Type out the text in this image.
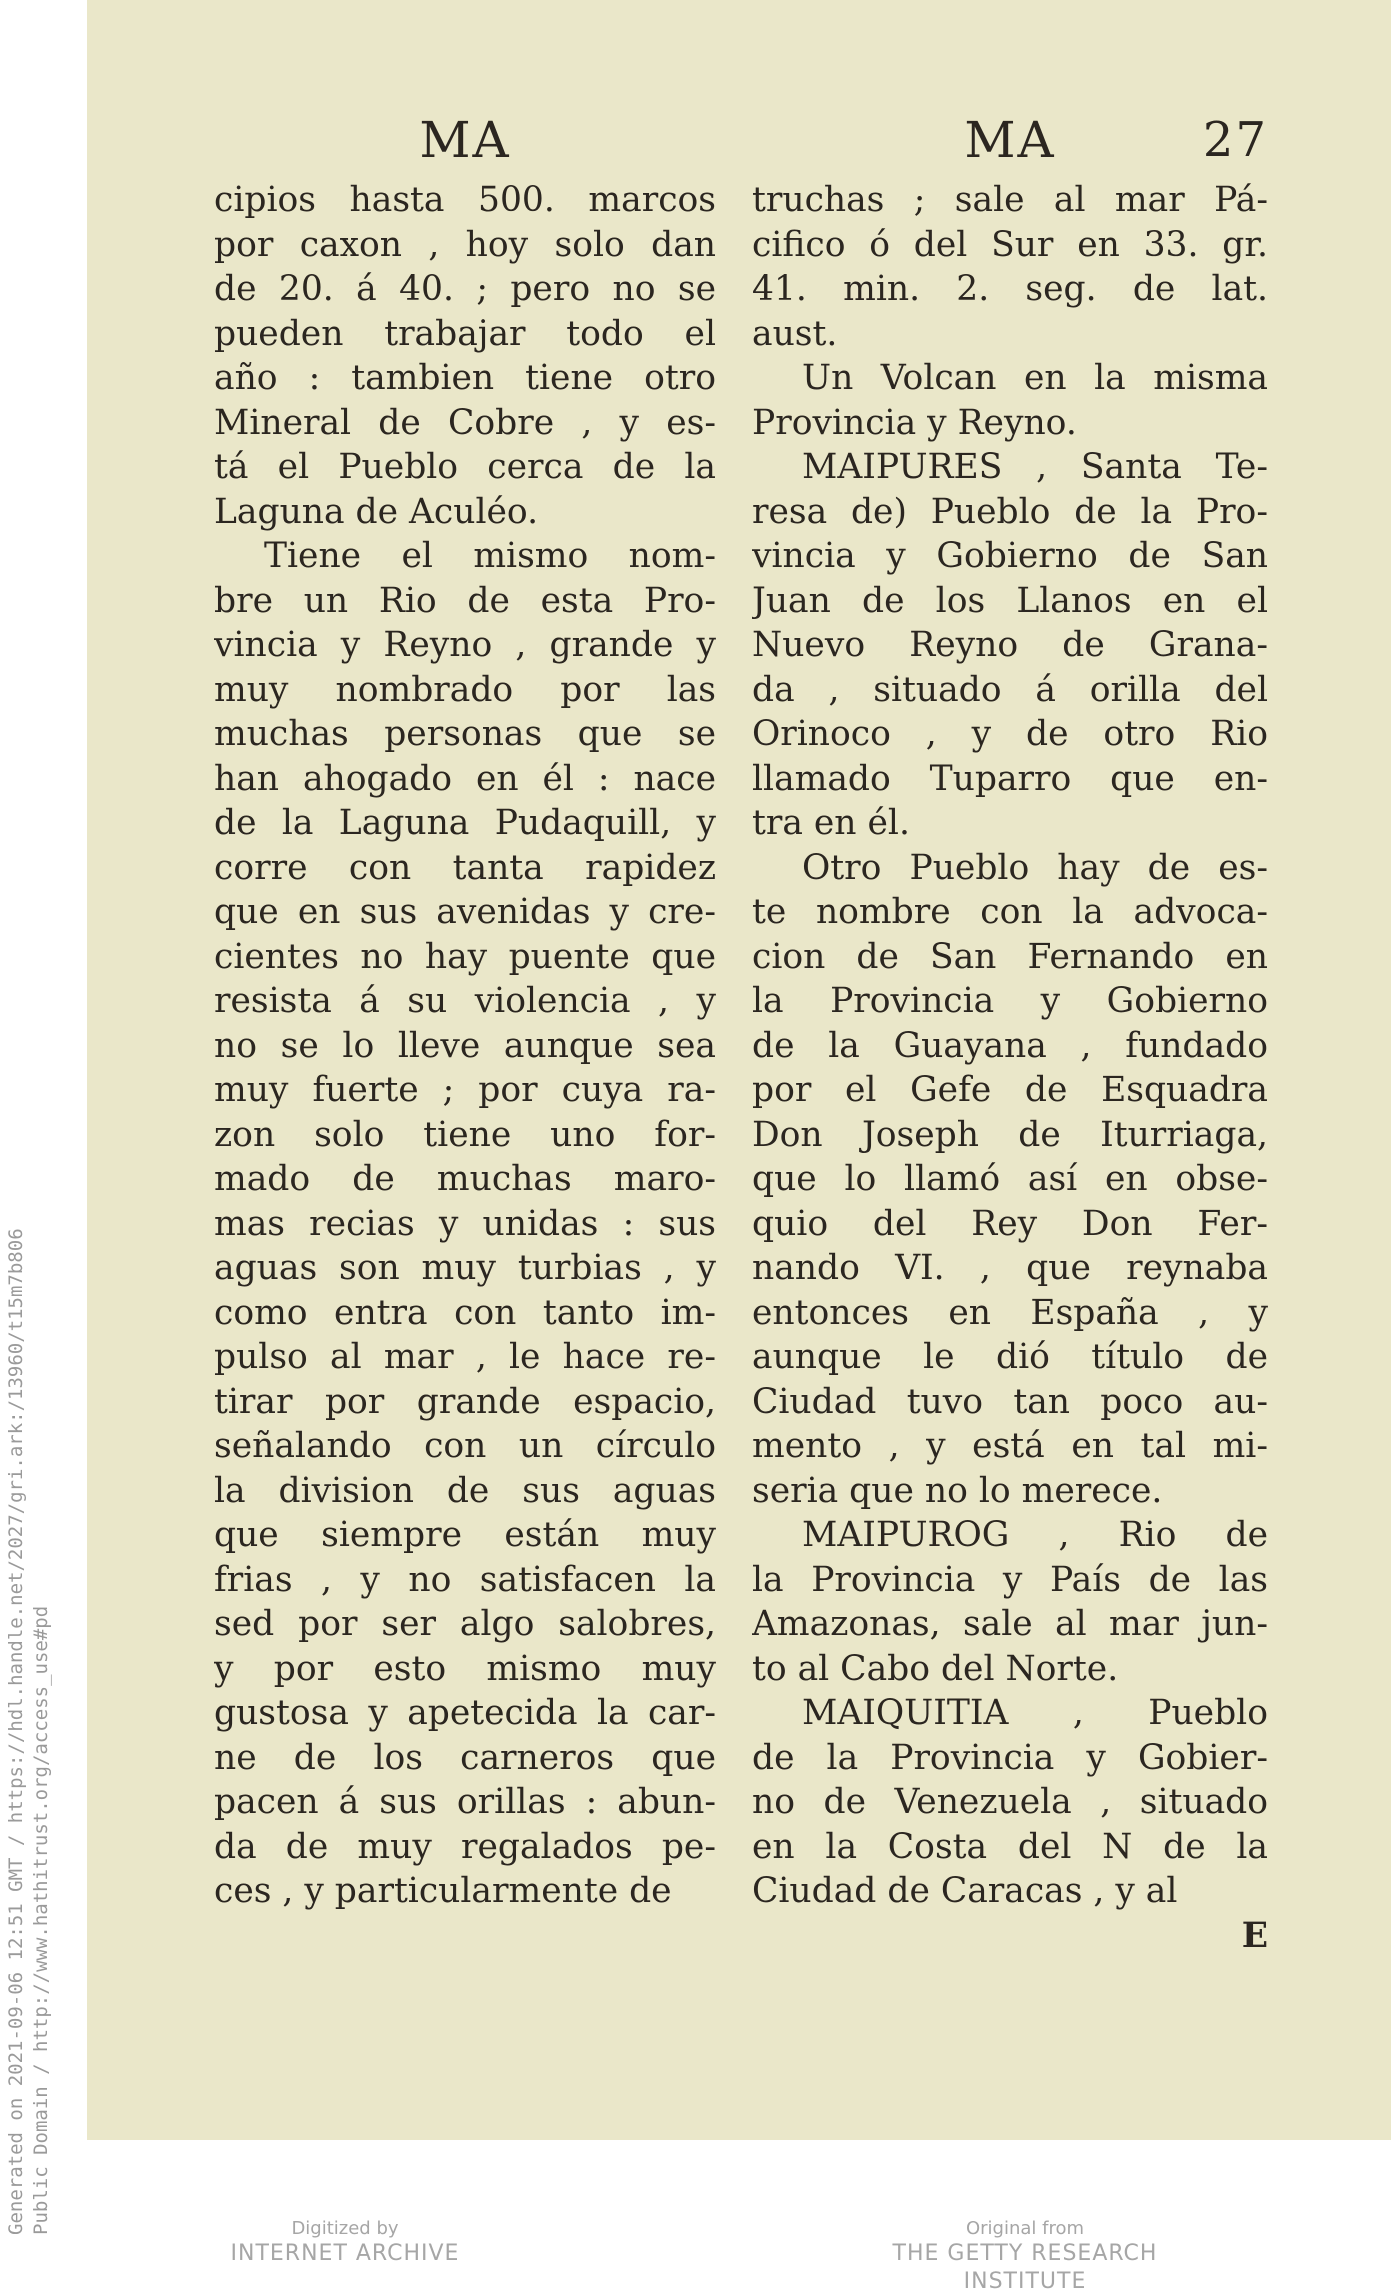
Generated on 2021-09-06 12:51 GMT / https://hdl.handle.net/2027/gri.ark:/13960/t15m7b806 Public Domain / http://www.hathitrust.org/access_use#pd
MA
cipios hasta 500. marcos
por caxon , hoy solo dan
de 20. á 40. ; pero no se
pueden trabajar todo el
año : tambien tiene otro
Mineral de Cobre , y es-
tá el Pueblo cerca de la
Laguna de Aculéo.
Tiene el mismo nom-
bre un Rio de esta Pro-
vincia y Reyno , grande y
muy nombrado por las
muchas personas que se
han ahogado en él : nace
de la Laguna Pudaquill, y
corre con tanta rapidez
que en sus avenidas y cre-
cientes no hay puente que
resista á su violencia , y
no se lo lleve aunque sea
muy fuerte ; por cuya ra-
zon solo tiene uno for-
mado de muchas maro-
mas recias y unidas : sus
aguas son muy turbias , y
como entra con tanto im-
pulso al mar , le hace re-
tirar por grande espacio,
señalando con un círculo
la division de sus aguas
que siempre están muy
frias , y no satisfacen la
sed por ser algo salobres,
y por esto mismo muy
gustosa y apetecida la car-
ne de los carneros que
pacen á sus orillas : abun-
da de muy regalados pe-
ces , y particularmente de
MA	27
truchas ; sale al mar Pá-
cifico ó del Sur en 33. gr.
41. min. 2. seg. de lat.
aust.
Un Volcan en la misma
Provincia y Reyno.
MAIPURES , Santa Te-
resa de) Pueblo de la Pro-
vincia y Gobierno de San
Juan de los Llanos en el
Nuevo Reyno de Grana-
da , situado á orilla del
Orinoco , y de otro Rio
llamado Tuparro que en-
tra en él.
Otro Pueblo hay de es-
te nombre con la advoca-
cion de San Fernando en
la Provincia y Gobierno
de la Guayana , fundado
por el Gefe de Esquadra
Don Joseph de Iturriaga,
que lo llamó así en obse-
quio del Rey Don Fer-
nando VI. , que reynaba
entonces en España , y
aunque le dió título de
Ciudad tuvo tan poco au-
mento , y está en tal mi-
seria que no lo merece.
MAIPUROG , Rio de
la Provincia y País de las
Amazonas, sale al mar jun-
to al Cabo del Norte.
MAIQUITIA , Pueblo
de la Provincia y Gobier-
no de Venezuela , situado
en la Costa del N de la
Ciudad de Caracas , y al
E
Digitized by
INTERNET ARCHIVE
Original from
THE GETTY RESEARCH INSTITUTE
